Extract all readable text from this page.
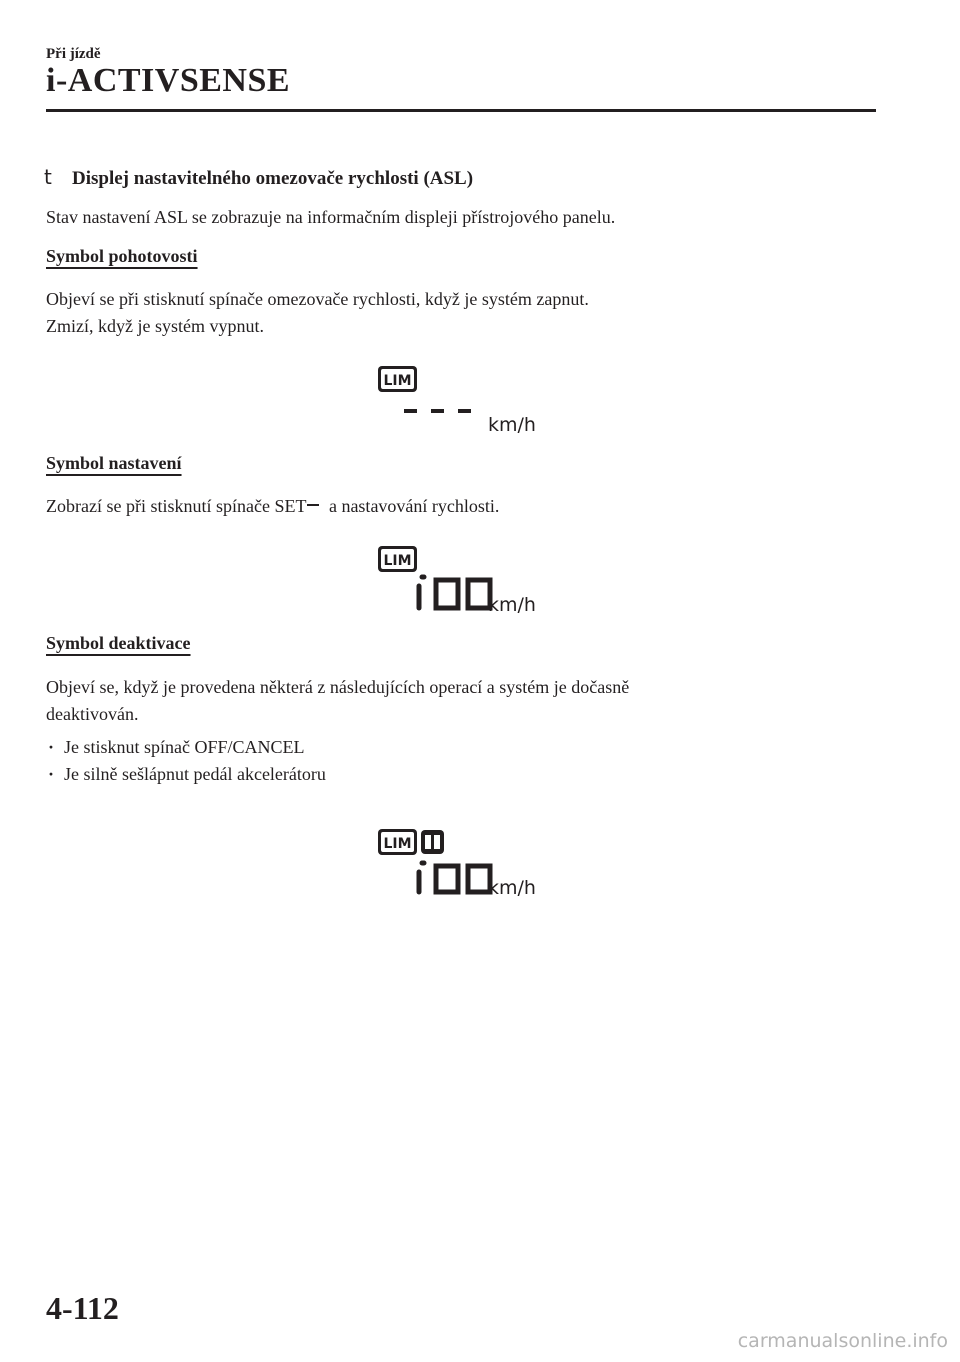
Při jízdě
i-ACTIVSENSE
t Displej nastavitelného omezovače rychlosti (ASL)
Stav nastavení ASL se zobrazuje na informačním displeji přístrojového panelu.
Symbol pohotovosti
Objeví se při stisknutí spínače omezovače rychlosti, když je systém zapnut.
Zmizí, když je systém vypnut.
LIM
km/h
Symbol nastavení
Zobrazí se při stisknutí spínače SET a nastavování rychlosti.
LIM
km/h
Symbol deaktivace
Objeví se, když je provedena některá z následujících operací a systém je dočasně
deaktivován.
· Je stisknut spínač OFF/CANCEL
· Je silně sešlápnut pedál akcelerátoru
LIM
II
km/h
4-112
carmanualsonline.info
